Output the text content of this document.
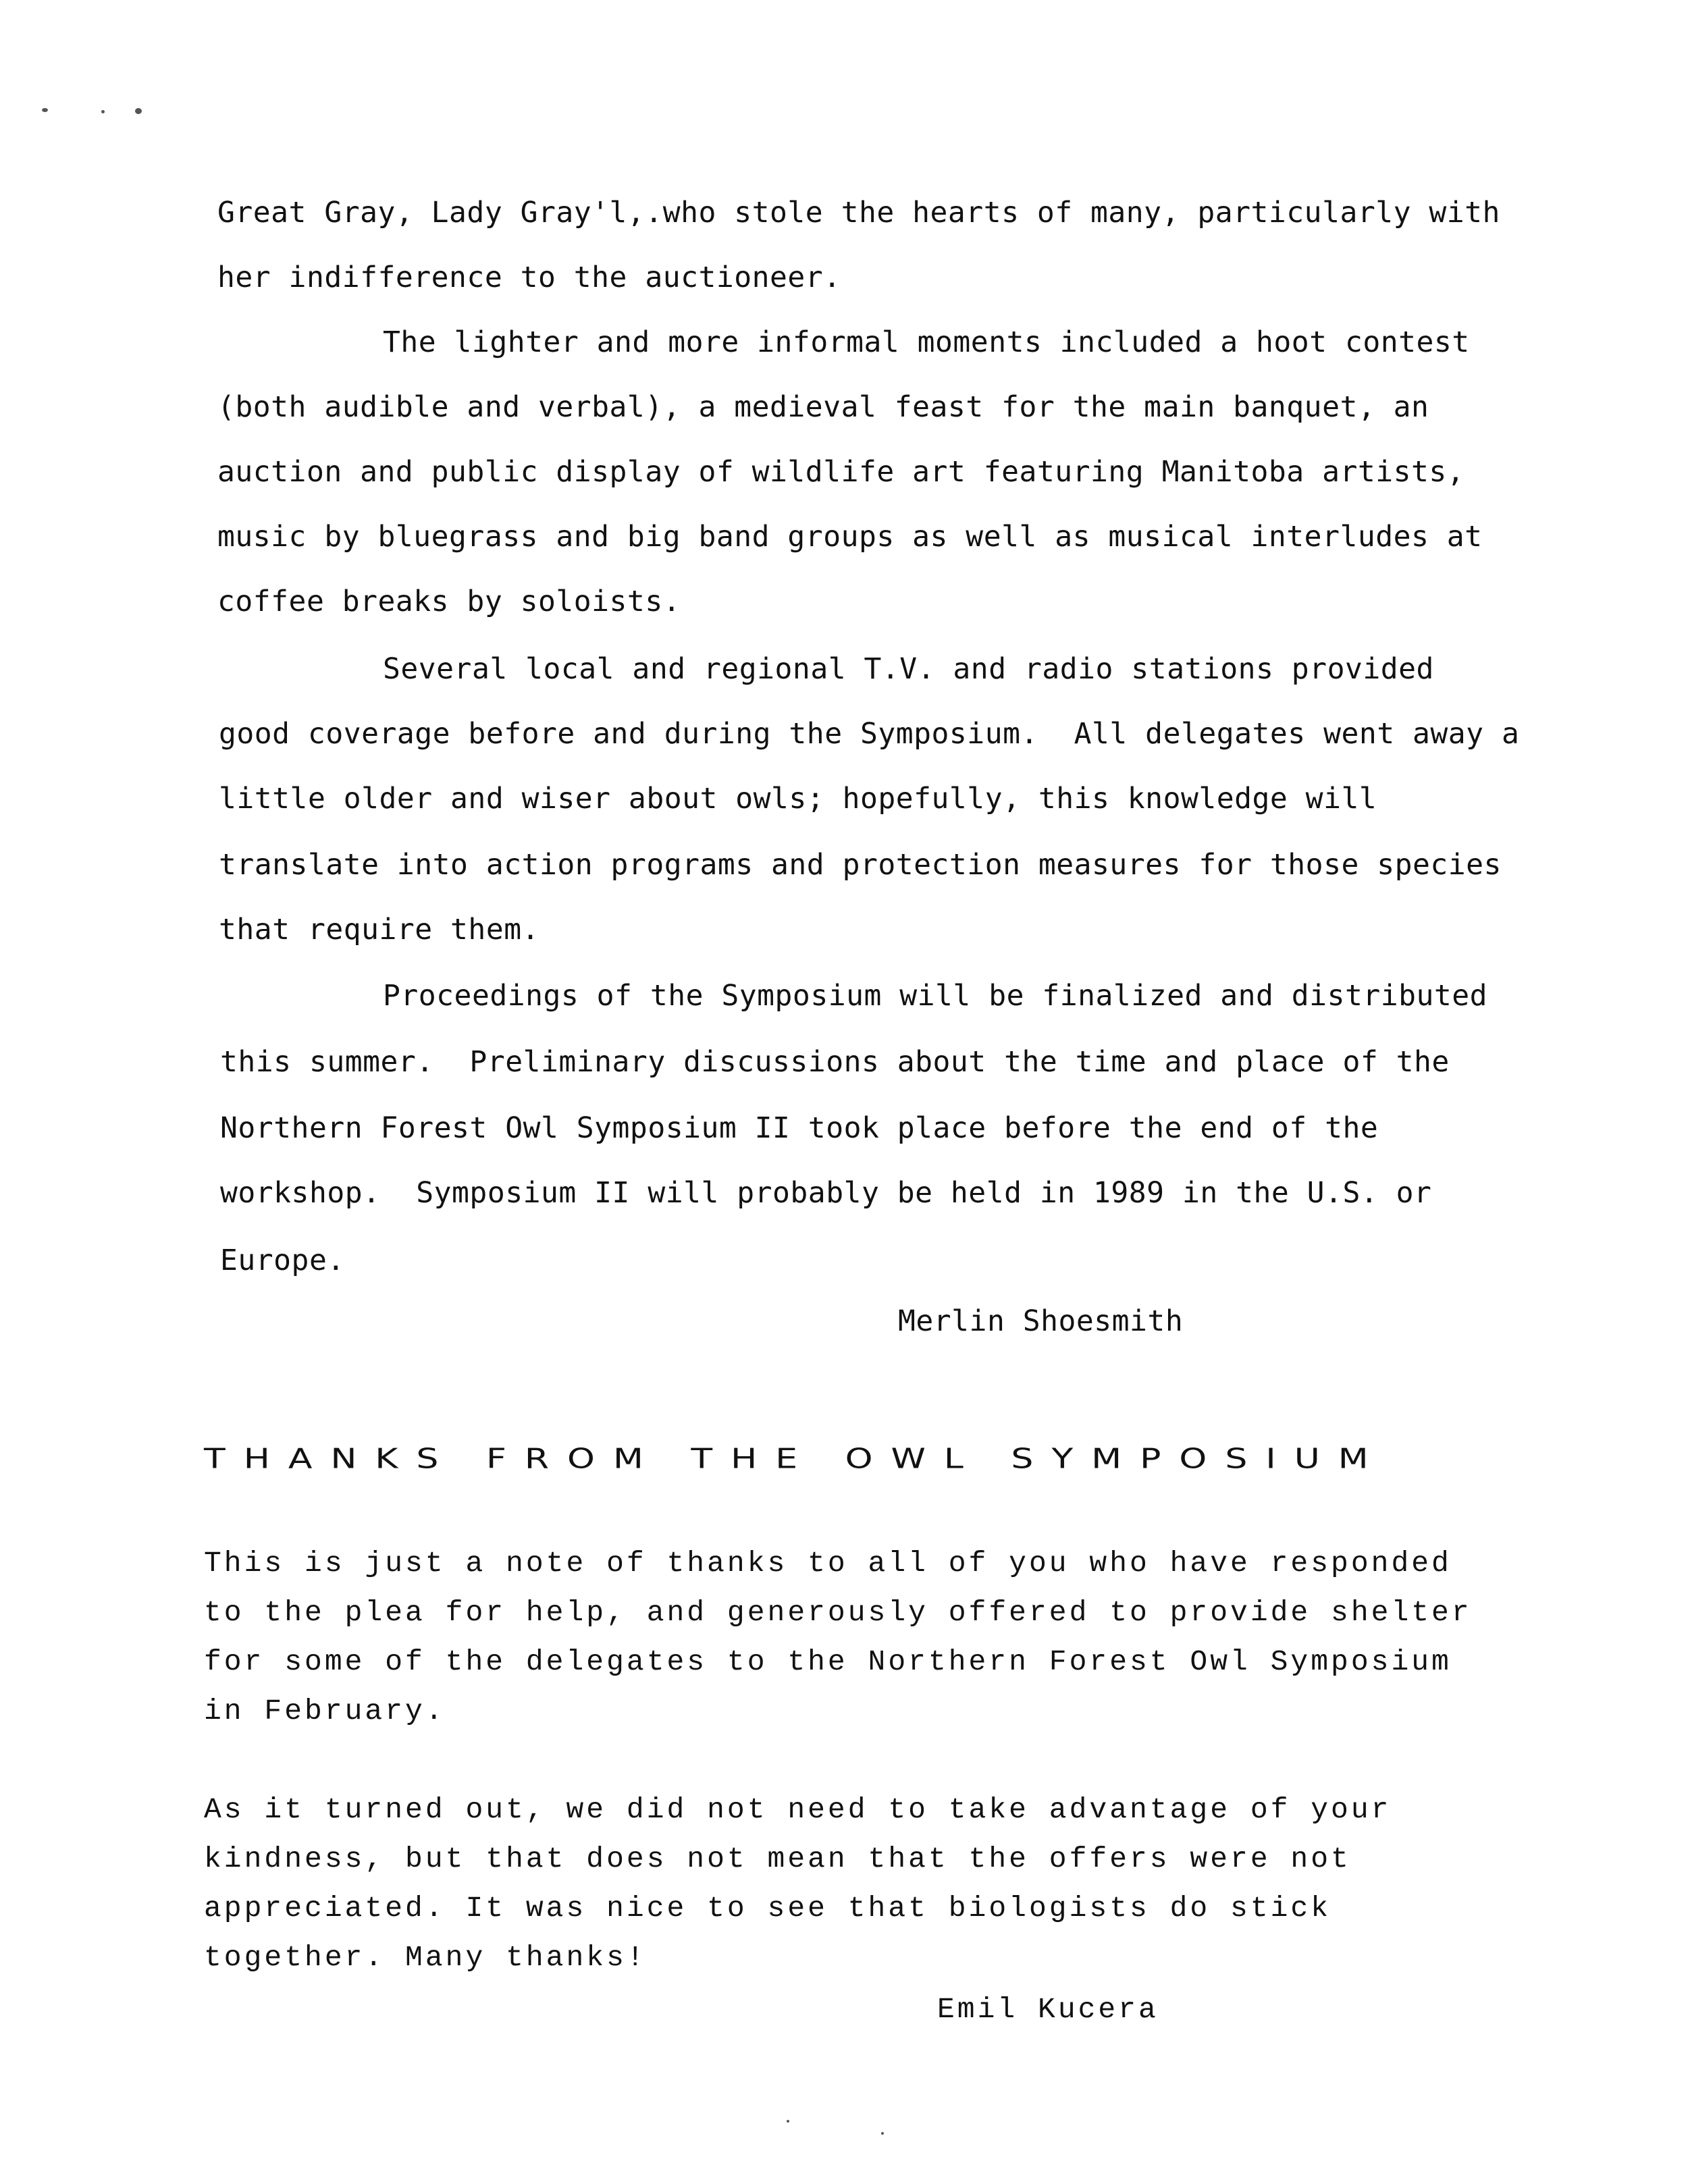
Great Gray, Lady Gray'l,.who stole the hearts of many, particularly with

her indifference to the auctioneer.

The lighter and more informal moments included a hoot contest

(both audible and verbal), a medieval feast for the main banquet, an

auction and public display of wildlife art featuring Manitoba artists,

music by bluegrass and big band groups as well as musical interludes at

coffee breaks by soloists.

Several local and regional T.V. and radio stations provided

good coverage before and during the Symposium.  All delegates went away a

little older and wiser about owls; hopefully, this knowledge will

translate into action programs and protection measures for those species

that require them.

Proceedings of the Symposium will be finalized and distributed

this summer.  Preliminary discussions about the time and place of the

Northern Forest Owl Symposium II took place before the end of the

workshop.  Symposium II will probably be held in 1989 in the U.S. or

Europe.

Merlin Shoesmith

THANKS FROM THE OWL SYMPOSIUM

This is just a note of thanks to all of you who have responded

to the plea for help, and generously offered to provide shelter

for some of the delegates to the Northern Forest Owl Symposium

in February.

As it turned out, we did not need to take advantage of your

kindness, but that does not mean that the offers were not

appreciated. It was nice to see that biologists do stick

together. Many thanks!

Emil Kucera
